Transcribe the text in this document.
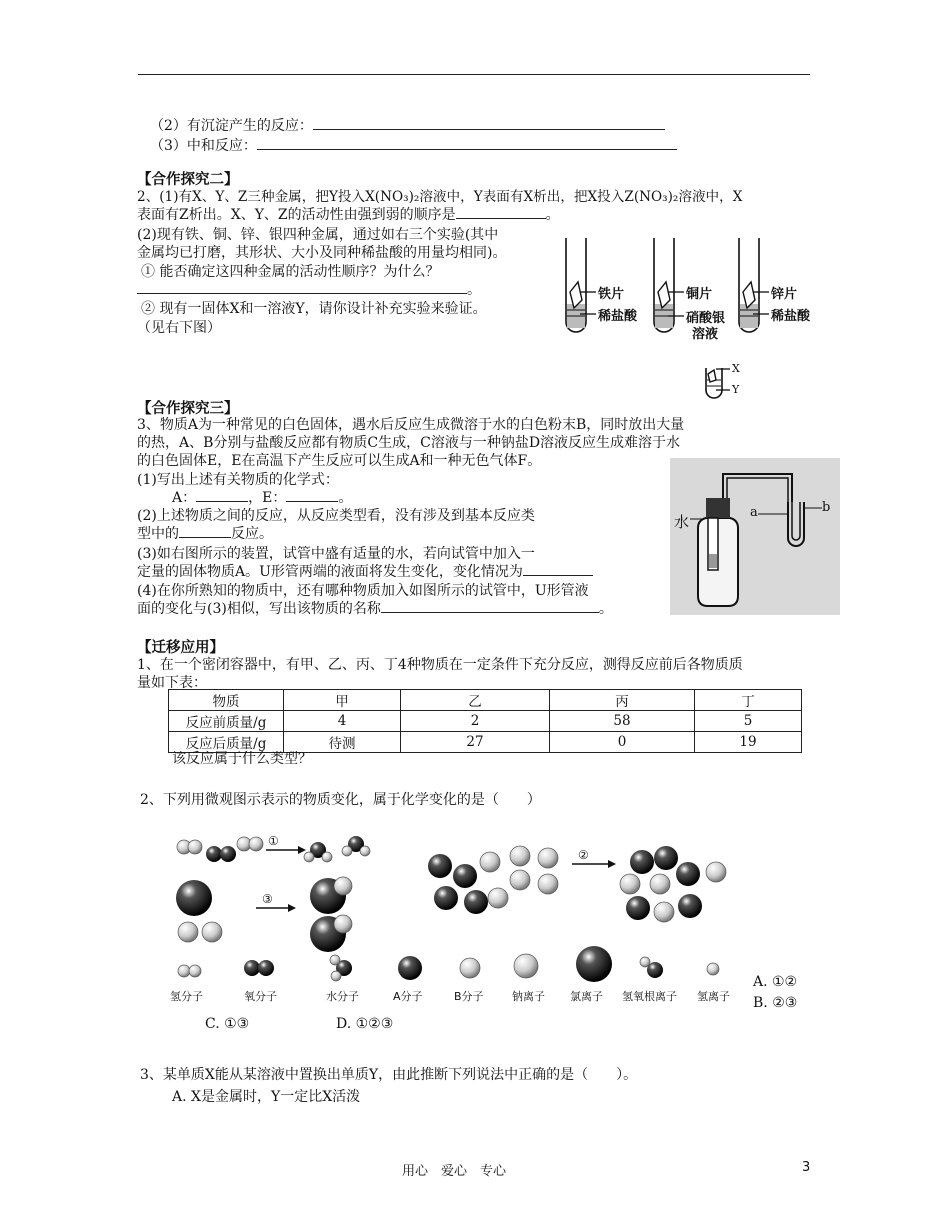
（2）有沉淀产生的反应：
（3）中和反应：
【合作探究二】
2、(1)有X、Y、Z三种金属，把Y投入X(NO₃)₂溶液中，Y表面有X析出，把X投入Z(NO₃)₂溶液中，X
表面有Z析出。X、Y、Z的活动性由强到弱的顺序是	。
(2)现有铁、铜、锌、银四种金属，通过如右三个实验(其中
金属均已打磨，其形状、大小及同种稀盐酸的用量均相同)。
① 能否确定这四种金属的活动性顺序？为什么？
。
② 现有一固体X和一溶液Y，请你设计补充实验来验证。
（见右下图）
铁片
稀盐酸
铜片
硝酸银
溶液
锌片
稀盐酸
X
Y
【合作探究三】
3、物质A为一种常见的白色固体，遇水后反应生成微溶于水的白色粉末B，同时放出大量
的热，A、B分别与盐酸反应都有物质C生成，C溶液与一种钠盐D溶液反应生成难溶于水
的白色固体E，E在高温下产生反应可以生成A和一种无色气体F。
(1)写出上述有关物质的化学式：
A：	，E：	。
(2)上述物质之间的反应，从反应类型看，没有涉及到基本反应类
型中的	反应。
(3)如右图所示的装置，试管中盛有适量的水，若向试管中加入一
定量的固体物质A。U形管两端的液面将发生变化，变化情况为
(4)在你所熟知的物质中，还有哪种物质加入如图所示的试管中，U形管液
面的变化与(3)相似，写出该物质的名称	。
水
a	b
【迁移应用】
1、在一个密闭容器中，有甲、乙、丙、丁4种物质在一定条件下充分反应，测得反应前后各物质质
量如下表：
物质	甲	乙	丙	丁
反应前质量/g	4	2	58	5
反应后质量/g	待测	27	0	19
该反应属于什么类型？
2、下列用微观图示表示的物质变化，属于化学变化的是（　　）
①
③
②
氢分子	氧分子	水分子	A分子	B分子	钠离子 氯离子 氢氧根离子 氢离子
A. ①②
B. ②③
C. ①③	D. ①②③
3、某单质X能从某溶液中置换出单质Y，由此推断下列说法中正确的是（　　）。
A. X是金属时，Y一定比X活泼
用心　爱心　专心	3
